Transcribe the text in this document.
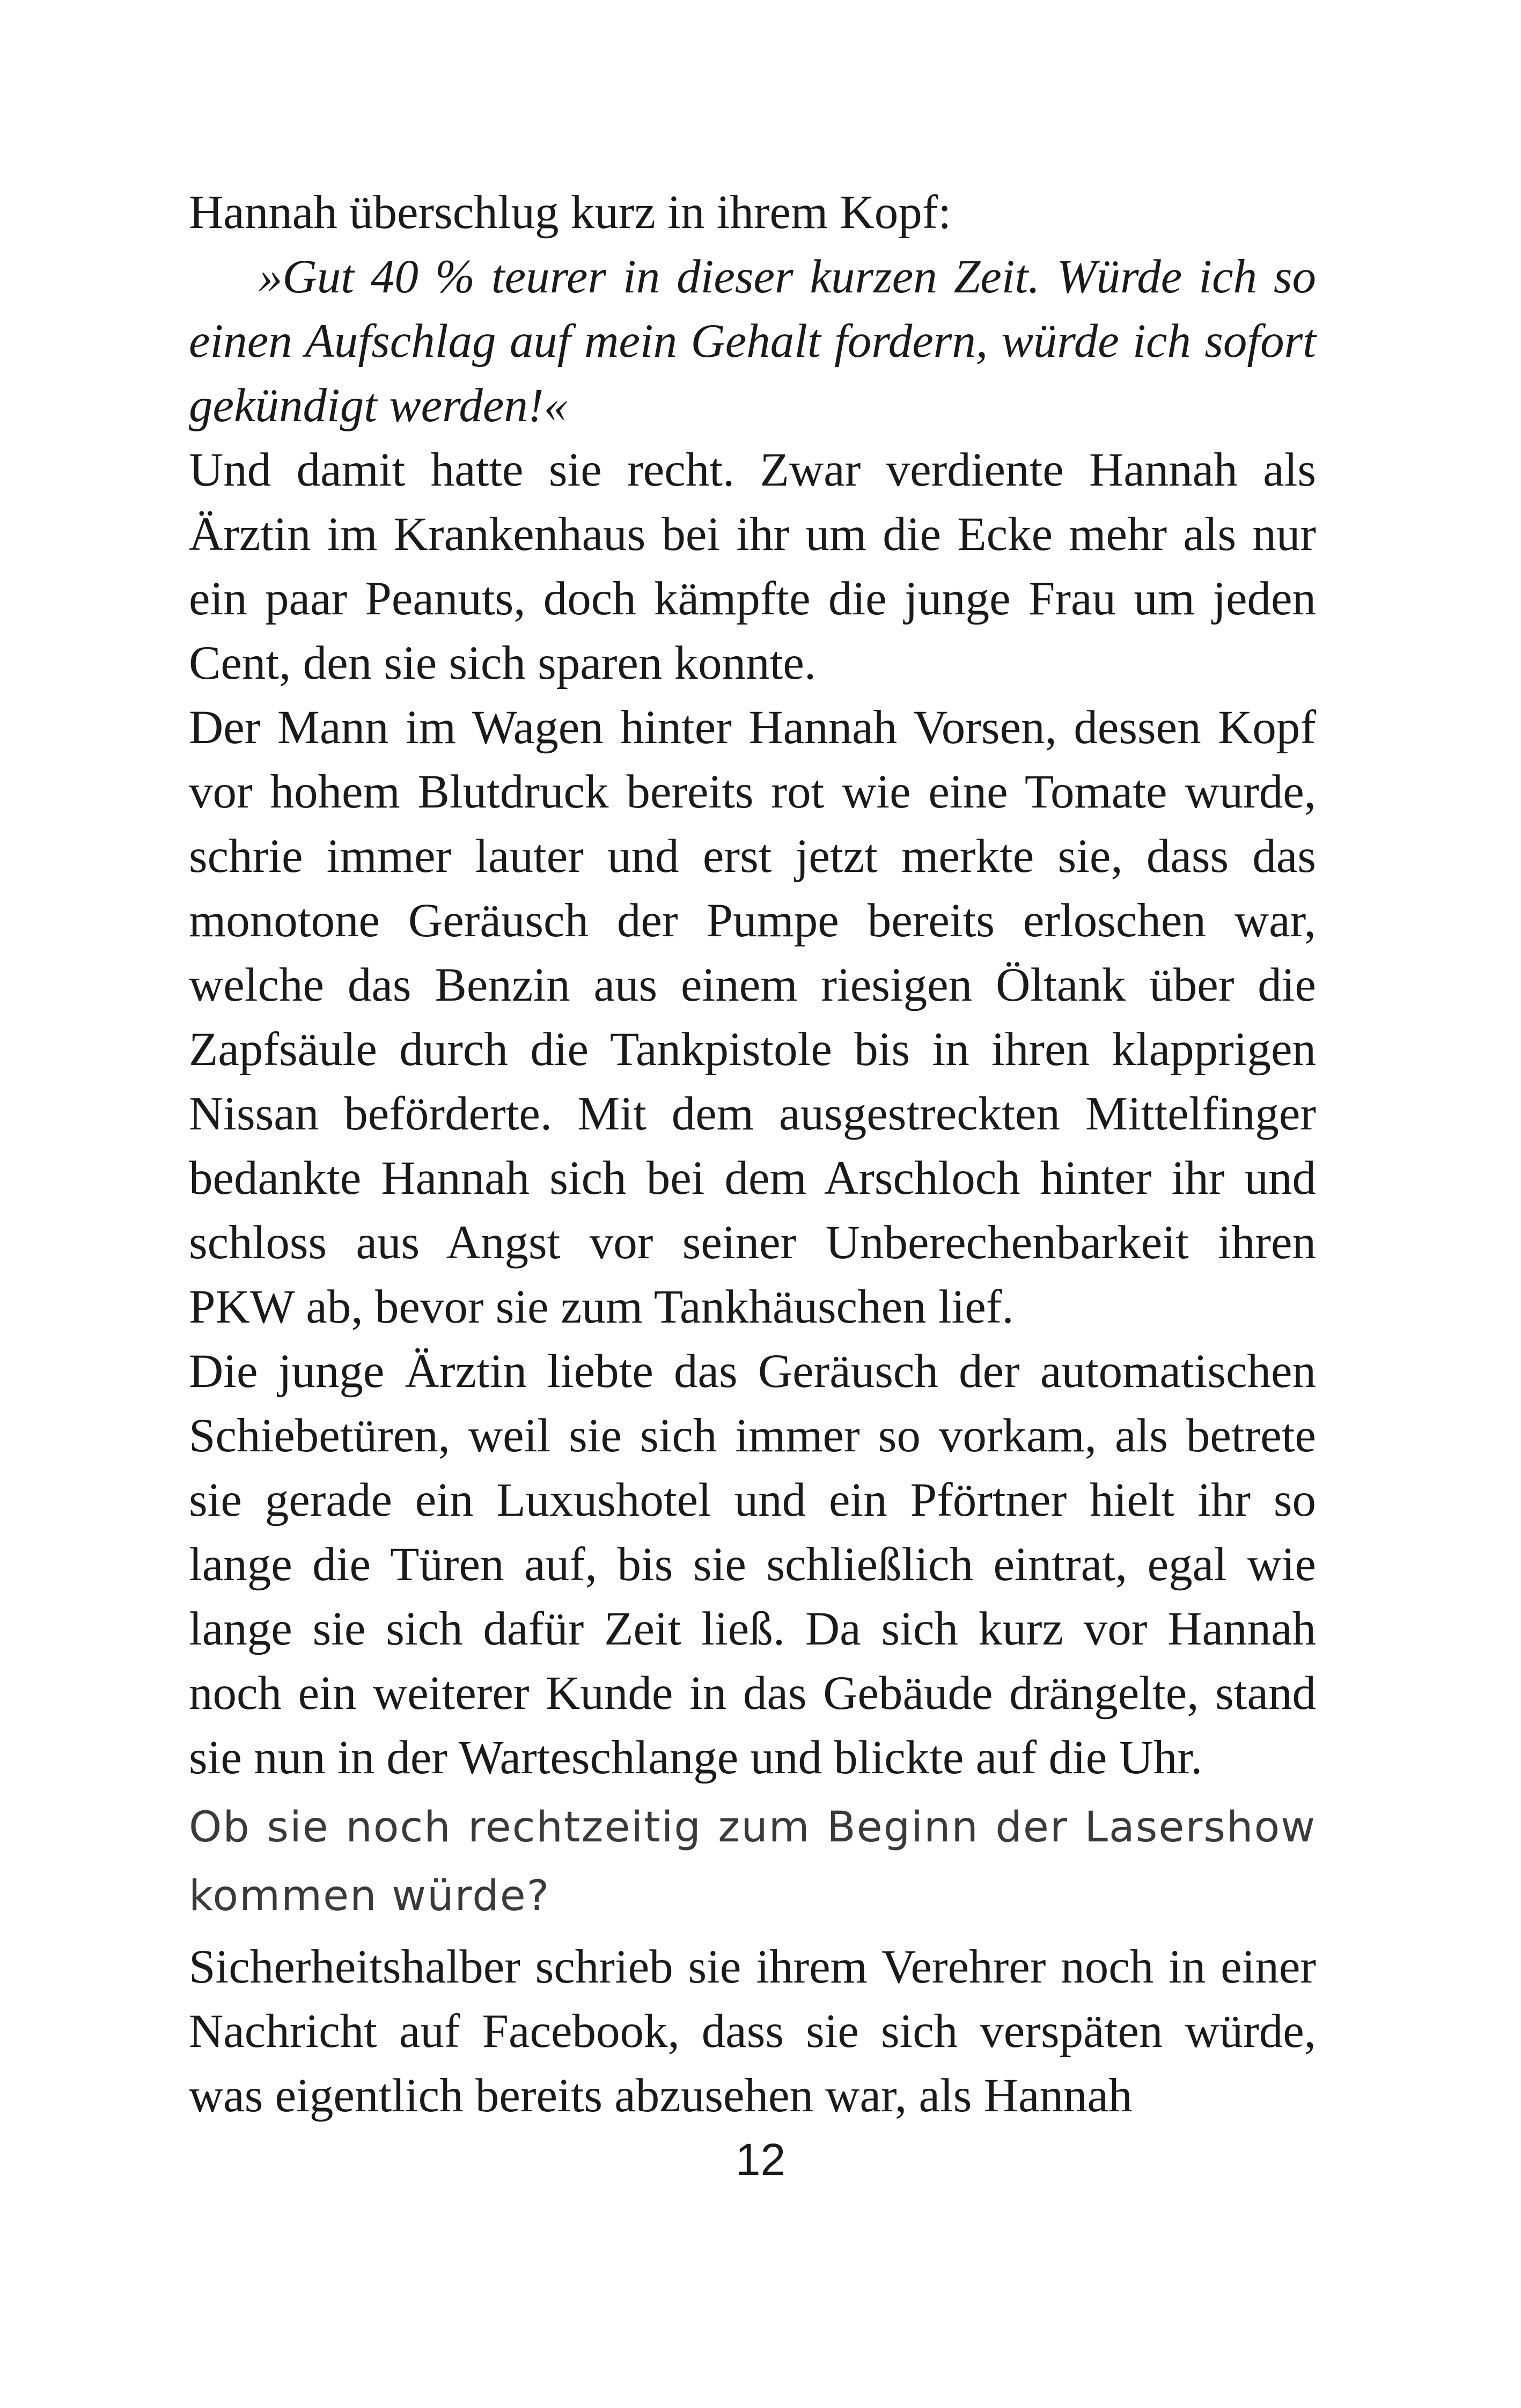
Hannah überschlug kurz in ihrem Kopf:

»Gut 40 % teurer in dieser kurzen Zeit. Würde ich so einen Aufschlag auf mein Gehalt fordern, würde ich sofort gekündigt werden!«

Und damit hatte sie recht. Zwar verdiente Hannah als Ärztin im Krankenhaus bei ihr um die Ecke mehr als nur ein paar Peanuts, doch kämpfte die junge Frau um jeden Cent, den sie sich sparen konnte.

Der Mann im Wagen hinter Hannah Vorsen, dessen Kopf vor hohem Blutdruck bereits rot wie eine Tomate wurde, schrie immer lauter und erst jetzt merkte sie, dass das monotone Geräusch der Pumpe bereits erloschen war, welche das Benzin aus einem riesigen Öltank über die Zapfsäule durch die Tankpistole bis in ihren klapprigen Nissan beförderte. Mit dem ausgestreckten Mittelfinger bedankte Hannah sich bei dem Arschloch hinter ihr und schloss aus Angst vor seiner Unberechenbarkeit ihren PKW ab, bevor sie zum Tankhäuschen lief.

Die junge Ärztin liebte das Geräusch der automatischen Schiebetüren, weil sie sich immer so vorkam, als betrete sie gerade ein Luxushotel und ein Pförtner hielt ihr so lange die Türen auf, bis sie schließlich eintrat, egal wie lange sie sich dafür Zeit ließ. Da sich kurz vor Hannah noch ein weiterer Kunde in das Gebäude drängelte, stand sie nun in der Warteschlange und blickte auf die Uhr.

Ob sie noch rechtzeitig zum Beginn der Lasershow kommen würde?

Sicherheitshalber schrieb sie ihrem Verehrer noch in einer Nachricht auf Facebook, dass sie sich verspäten würde, was eigentlich bereits abzusehen war, als Hannah

12
